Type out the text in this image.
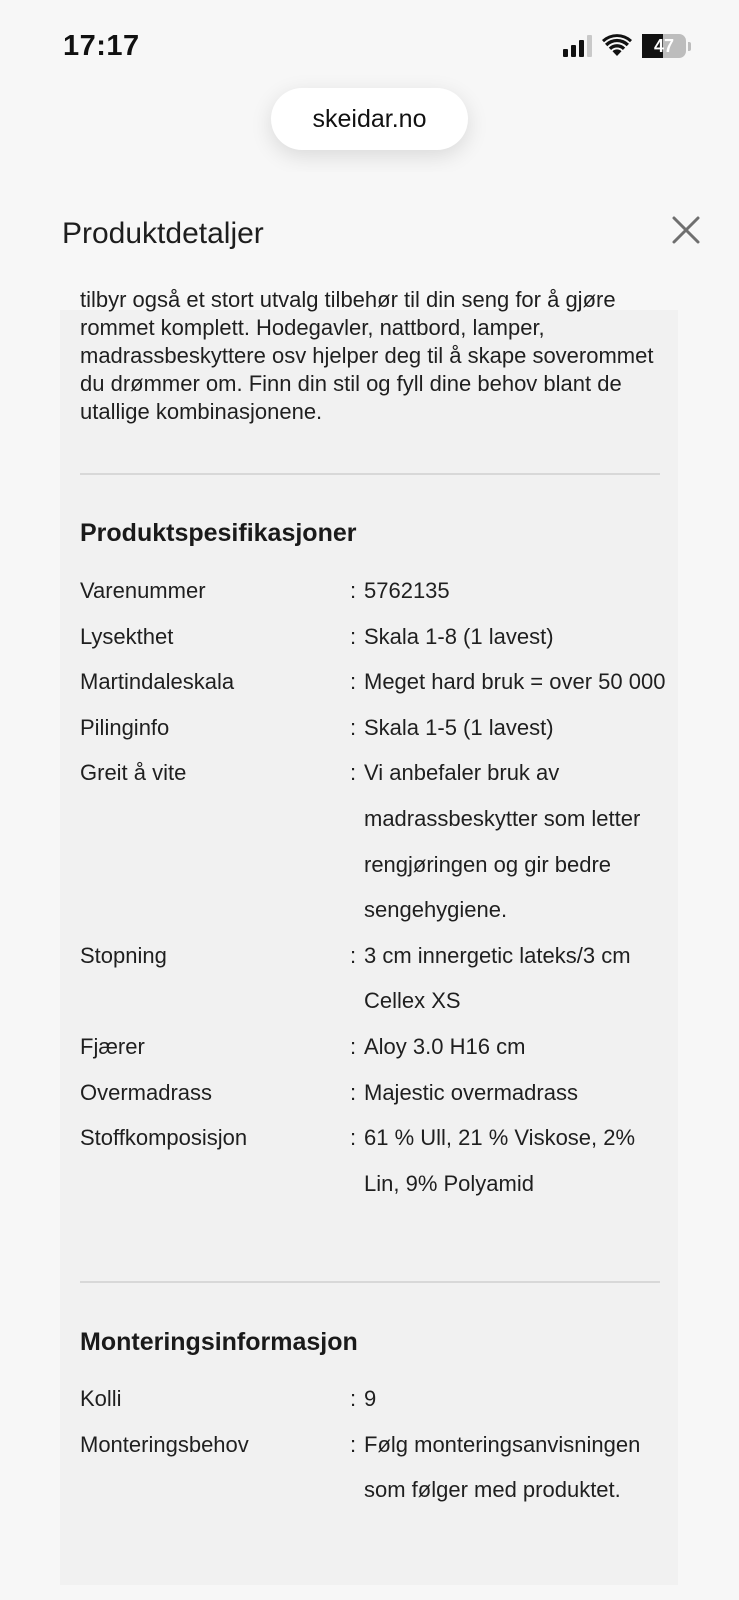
17:17	47
skeidar.no
Produktdetaljer

tilbyr også et stort utvalg tilbehør til din seng for å gjøre rommet komplett. Hodegavler, nattbord, lamper, madrassbeskyttere osv hjelper deg til å skape soverommet du drømmer om. Finn din stil og fyll dine behov blant de utallige kombinasjonene.

Produktspesifikasjoner
Varenummer	: 5762135
Lysekthet	: Skala 1-8 (1 lavest)
Martindaleskala	: Meget hard bruk = over 50 000
Pilinginfo	: Skala 1-5 (1 lavest)
Greit å vite	: Vi anbefaler bruk av madrassbeskytter som letter rengjøringen og gir bedre sengehygiene.
Stopning	: 3 cm innergetic lateks/3 cm Cellex XS
Fjærer	: Aloy 3.0 H16 cm
Overmadrass	: Majestic overmadrass
Stoffkomposisjon	: 61 % Ull, 21 % Viskose, 2% Lin, 9% Polyamid
Monteringsinformasjon
Kolli	: 9
Monteringsbehov	: Følg monteringsanvisningen som følger med produktet.
